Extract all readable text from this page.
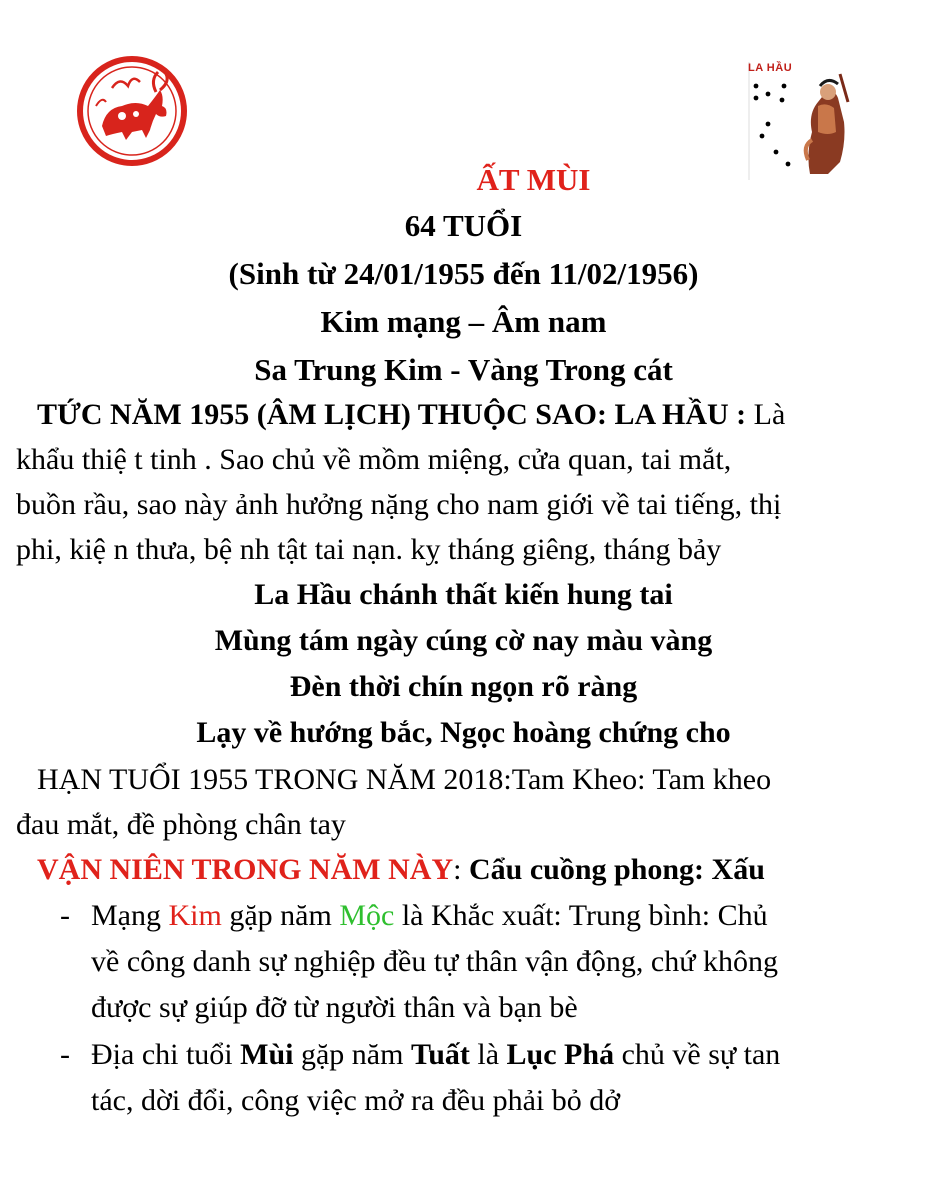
LA HẦU
ẤT MÙI
64 TUỔI
(Sinh từ 24/01/1955 đến 11/02/1956)
Kim mạng – Âm nam
Sa Trung Kim - Vàng Trong cát
TỨC NĂM 1955 (ÂM LỊCH) THUỘC SAO: LA HẦU : Là
khẩu thiệ t tinh . Sao chủ về mồm miệng, cửa quan, tai mắt,
buồn rầu, sao này ảnh hưởng nặng cho nam giới về tai tiếng, thị
phi, kiệ n thưa, bệ nh tật tai nạn. kỵ tháng giêng, tháng bảy
La Hầu chánh thất kiến hung tai
Mùng tám ngày cúng cờ nay màu vàng
Đèn thời chín ngọn rõ ràng
Lạy về hướng bắc, Ngọc hoàng chứng cho
HẠN TUỔI 1955 TRONG NĂM 2018:Tam Kheo: Tam kheo
đau mắt, đề phòng chân tay
VẬN NIÊN TRONG NĂM NÀY: Cẩu cuồng phong: Xấu
- Mạng Kim gặp năm Mộc là Khắc xuất: Trung bình: Chủ
về công danh sự nghiệp đều tự thân vận động, chứ không
được sự giúp đỡ từ người thân và bạn bè
- Địa chi tuổi Mùi gặp năm Tuất là Lục Phá chủ về sự tan
tác, dời đổi, công việc mở ra đều phải bỏ dở
